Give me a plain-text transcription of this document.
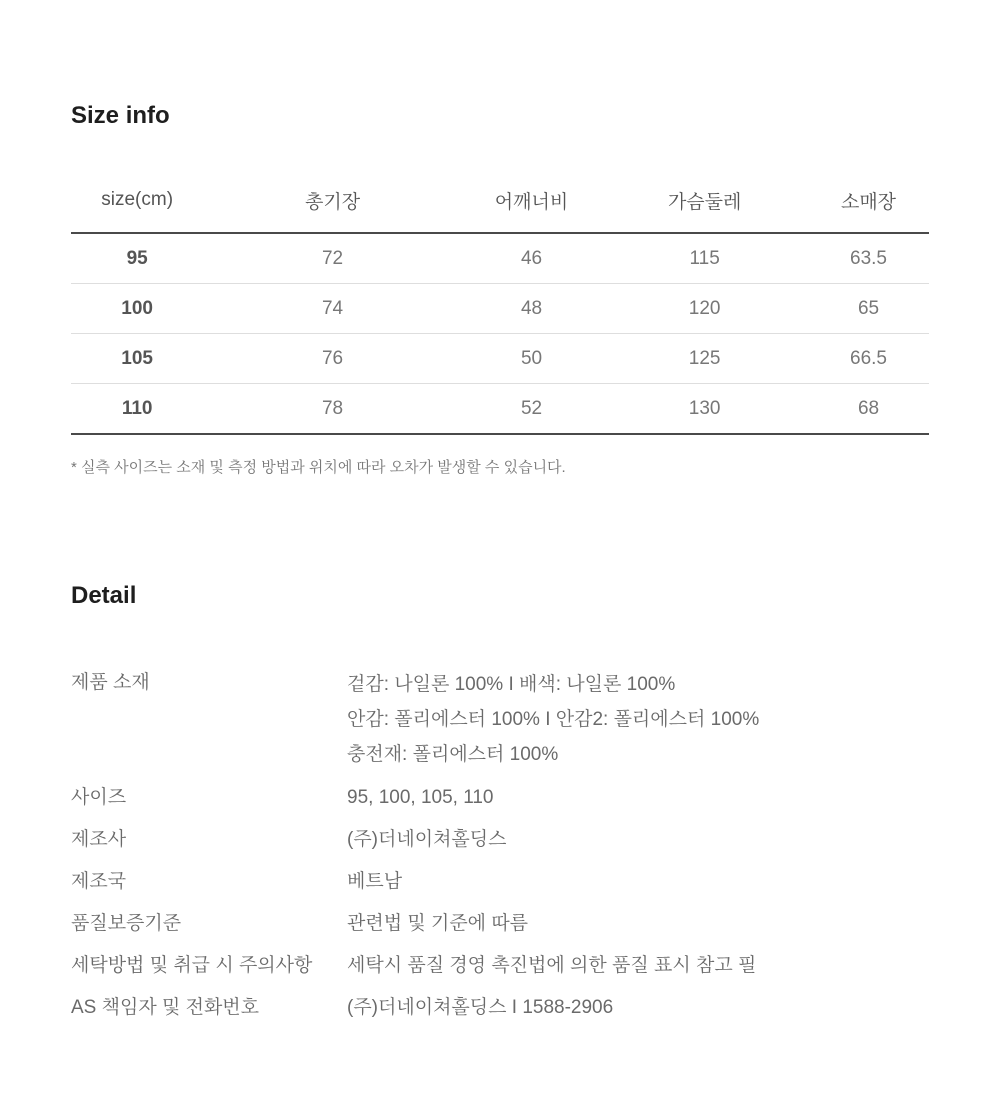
Size info
size(cm)	총기장	어깨너비	가슴둘레	소매장
95	72	46	115	63.5
100	74	48	120	65
105	76	50	125	66.5
110	78	52	130	68

* 실측 사이즈는 소재 및 측정 방법과 위치에 따라 오차가 발생할 수 있습니다.

Detail
제품 소재	겉감: 나일론 100% I 배색: 나일론 100%
안감: 폴리에스터 100% I 안감2: 폴리에스터 100%
충전재: 폴리에스터 100%
사이즈	95, 100, 105, 110
제조사	(주)더네이쳐홀딩스
제조국	베트남
품질보증기준	관련법 및 기준에 따름
세탁방법 및 취급 시 주의사항	세탁시 품질 경영 촉진법에 의한 품질 표시 참고 필
AS 책임자 및 전화번호	(주)더네이쳐홀딩스 I 1588-2906
